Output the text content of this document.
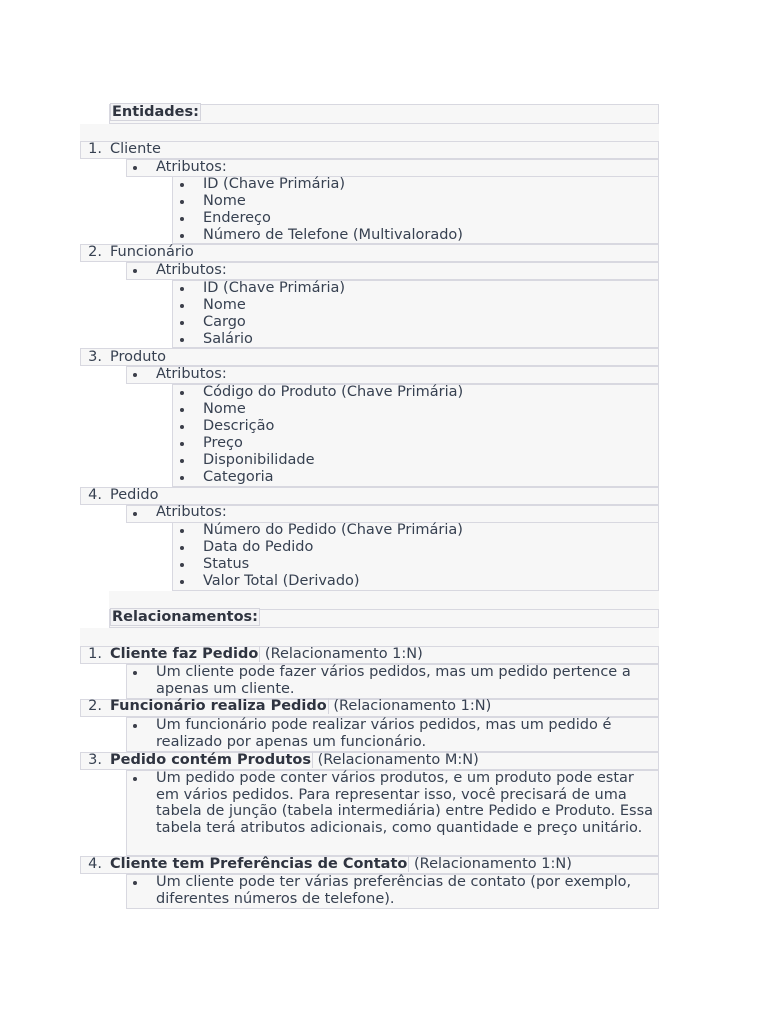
Entidades:
1. Cliente
Atributos:
ID (Chave Primária)
Nome
Endereço
Número de Telefone (Multivalorado)
2. Funcionário
Atributos:
ID (Chave Primária)
Nome
Cargo
Salário
3. Produto
Atributos:
Código do Produto (Chave Primária)
Nome
Descrição
Preço
Disponibilidade
Categoria
4. Pedido
Atributos:
Número do Pedido (Chave Primária)
Data do Pedido
Status
Valor Total (Derivado)
Relacionamentos:
1. Cliente faz Pedido (Relacionamento 1:N)
Um cliente pode fazer vários pedidos, mas um pedido pertence a apenas um cliente.
2. Funcionário realiza Pedido (Relacionamento 1:N)
Um funcionário pode realizar vários pedidos, mas um pedido é realizado por apenas um funcionário.
3. Pedido contém Produtos (Relacionamento M:N)
Um pedido pode conter vários produtos, e um produto pode estar em vários pedidos. Para representar isso, você precisará de uma tabela de junção (tabela intermediária) entre Pedido e Produto. Essa tabela terá atributos adicionais, como quantidade e preço unitário.
4. Cliente tem Preferências de Contato (Relacionamento 1:N)
Um cliente pode ter várias preferências de contato (por exemplo, diferentes números de telefone).
